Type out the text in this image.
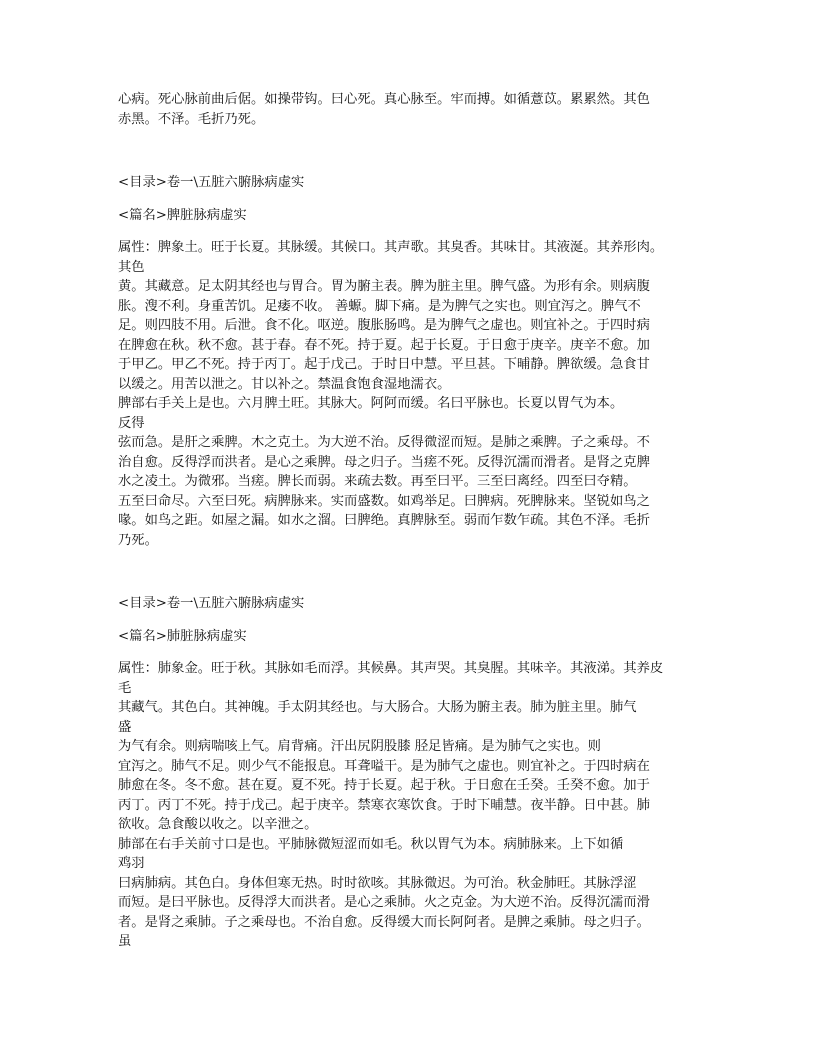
心病。死心脉前曲后倨。如操带钩。曰心死。真心脉至。牢而搏。如循薏苡。累累然。其色

赤黑。不泽。毛折乃死。

<目录>卷一\五脏六腑脉病虚实

<篇名>脾脏脉病虚实

属性：脾象土。旺于长夏。其脉缓。其候口。其声歌。其臭香。其味甘。其液涎。其养形肉。

其色

黄。其藏意。足太阴其经也与胃合。胃为腑主表。脾为脏主里。脾气盛。为形有余。则病腹

胀。溲不利。身重苦饥。足痿不收。 善螈。脚下痛。是为脾气之实也。则宜泻之。脾气不

足。则四肢不用。后泄。食不化。呕逆。腹胀肠鸣。是为脾气之虚也。则宜补之。于四时病

在脾愈在秋。秋不愈。甚于春。春不死。持于夏。起于长夏。于日愈于庚辛。庚辛不愈。加

于甲乙。甲乙不死。持于丙丁。起于戊己。于时日中慧。平旦甚。下晡静。脾欲缓。急食甘

以缓之。用苦以泄之。甘以补之。禁温食饱食湿地濡衣。

脾部右手关上是也。六月脾土旺。其脉大。阿阿而缓。名曰平脉也。长夏以胃气为本。

反得

弦而急。是肝之乘脾。木之克土。为大逆不治。反得微涩而短。是肺之乘脾。子之乘母。不

治自愈。反得浮而洪者。是心之乘脾。母之归子。当瘥不死。反得沉濡而滑者。是肾之克脾

水之凌土。为微邪。当瘥。脾长而弱。来疏去数。再至曰平。三至曰离经。四至曰夺精。

五至曰命尽。六至曰死。病脾脉来。实而盛数。如鸡举足。曰脾病。死脾脉来。坚锐如鸟之

喙。如鸟之距。如屋之漏。如水之溜。曰脾绝。真脾脉至。弱而乍数乍疏。其色不泽。毛折

乃死。

<目录>卷一\五脏六腑脉病虚实

<篇名>肺脏脉病虚实

属性：肺象金。旺于秋。其脉如毛而浮。其候鼻。其声哭。其臭腥。其味辛。其液涕。其养皮

毛

其藏气。其色白。其神魄。手太阴其经也。与大肠合。大肠为腑主表。肺为脏主里。肺气

盛

为气有余。则病喘咳上气。肩背痛。汗出尻阴股膝 胫足皆痛。是为肺气之实也。则

宜泻之。肺气不足。则少气不能报息。耳聋嗌干。是为肺气之虚也。则宜补之。于四时病在

肺愈在冬。冬不愈。甚在夏。夏不死。持于长夏。起于秋。于日愈在壬癸。壬癸不愈。加于

丙丁。丙丁不死。持于戊己。起于庚辛。禁寒衣寒饮食。于时下晡慧。夜半静。日中甚。肺

欲收。急食酸以收之。以辛泄之。

肺部在右手关前寸口是也。平肺脉微短涩而如毛。秋以胃气为本。病肺脉来。上下如循

鸡羽

曰病肺病。其色白。身体但寒无热。时时欲咳。其脉微迟。为可治。秋金肺旺。其脉浮涩

而短。是曰平脉也。反得浮大而洪者。是心之乘肺。火之克金。为大逆不治。反得沉濡而滑

者。是肾之乘肺。子之乘母也。不治自愈。反得缓大而长阿阿者。是脾之乘肺。母之归子。

虽
